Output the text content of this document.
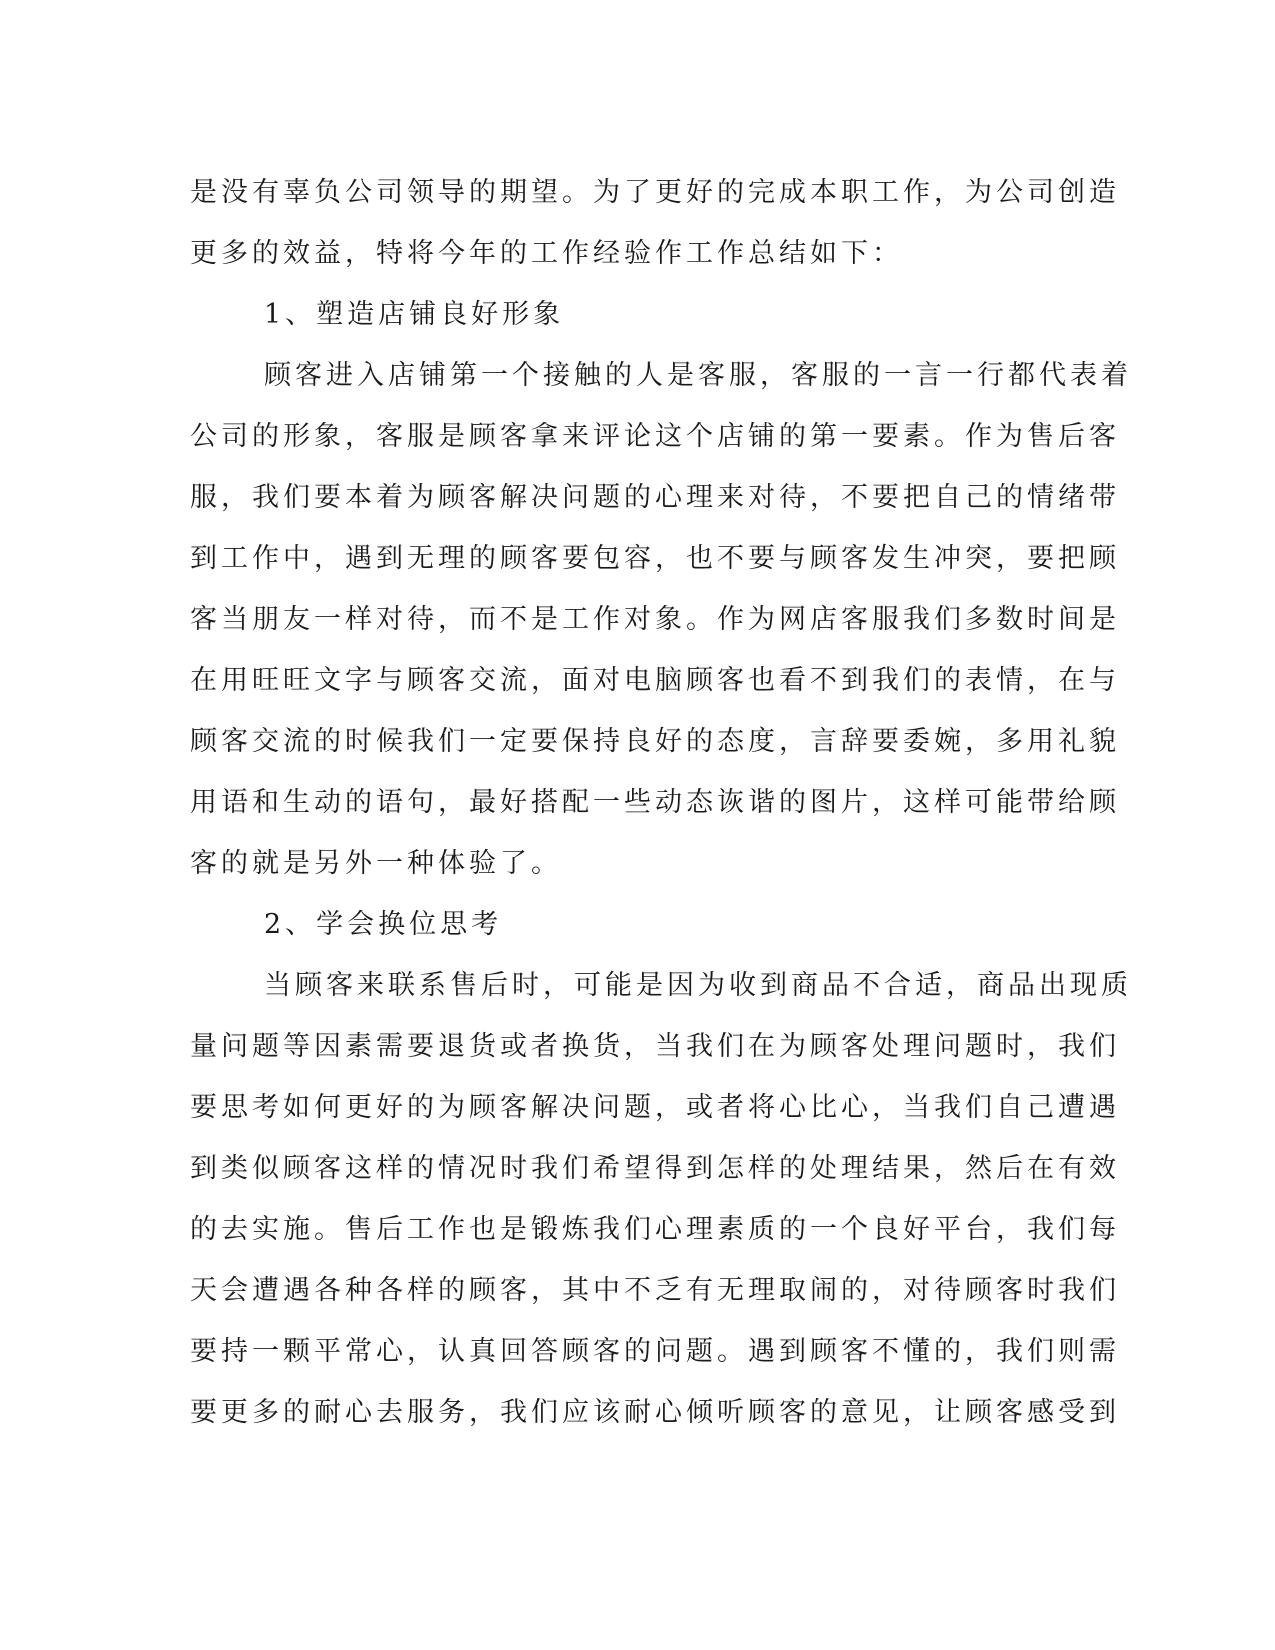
是没有辜负公司领导的期望。为了更好的完成本职工作，为公司创造
更多的效益，特将今年的工作经验作工作总结如下：
1、塑造店铺良好形象
顾客进入店铺第一个接触的人是客服，客服的一言一行都代表着
公司的形象，客服是顾客拿来评论这个店铺的第一要素。作为售后客
服，我们要本着为顾客解决问题的心理来对待，不要把自己的情绪带
到工作中，遇到无理的顾客要包容，也不要与顾客发生冲突，要把顾
客当朋友一样对待，而不是工作对象。作为网店客服我们多数时间是
在用旺旺文字与顾客交流，面对电脑顾客也看不到我们的表情，在与
顾客交流的时候我们一定要保持良好的态度，言辞要委婉，多用礼貌
用语和生动的语句，最好搭配一些动态诙谐的图片，这样可能带给顾
客的就是另外一种体验了。
2、学会换位思考
当顾客来联系售后时，可能是因为收到商品不合适，商品出现质
量问题等因素需要退货或者换货，当我们在为顾客处理问题时，我们
要思考如何更好的为顾客解决问题，或者将心比心，当我们自己遭遇
到类似顾客这样的情况时我们希望得到怎样的处理结果，然后在有效
的去实施。售后工作也是锻炼我们心理素质的一个良好平台，我们每
天会遭遇各种各样的顾客，其中不乏有无理取闹的，对待顾客时我们
要持一颗平常心，认真回答顾客的问题。遇到顾客不懂的，我们则需
要更多的耐心去服务，我们应该耐心倾听顾客的意见，让顾客感受到
